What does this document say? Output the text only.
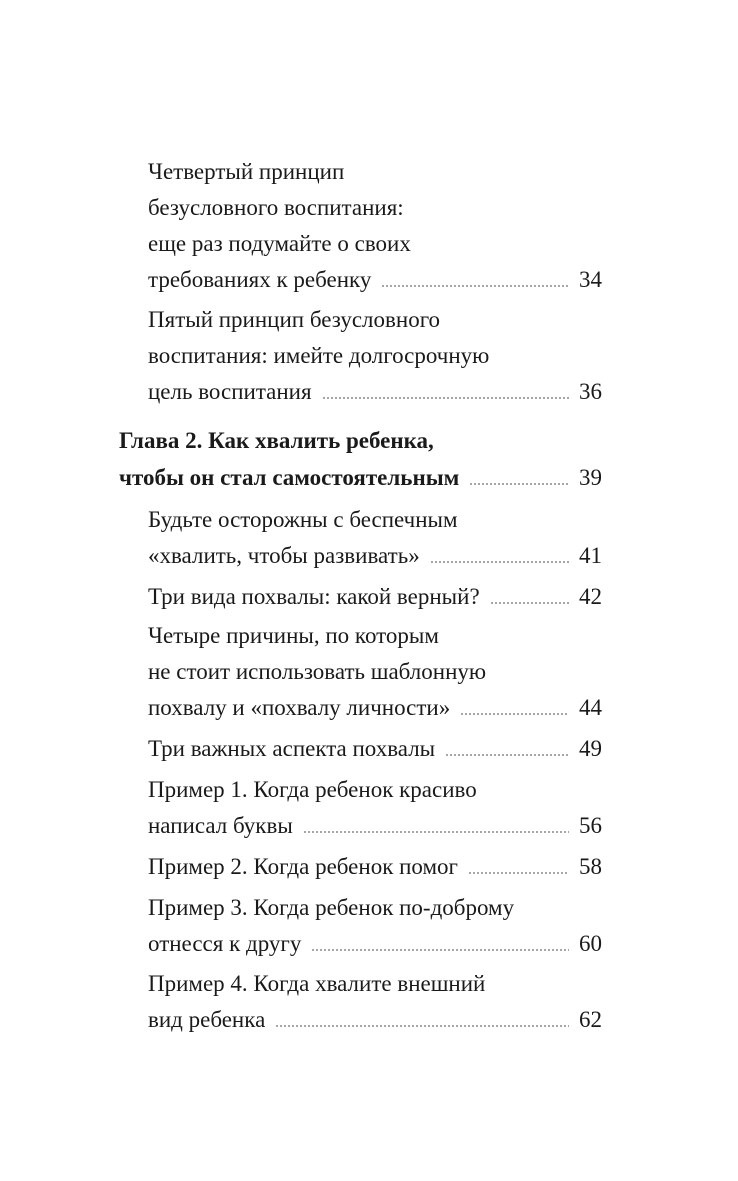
Четвертый принцип
безусловного воспитания:
еще раз подумайте о своих
требованиях к ребенку	34
Пятый принцип безусловного
воспитания: имейте долгосрочную
цель воспитания	36
Глава 2. Как хвалить ребенка,
чтобы он стал самостоятельным	39
Будьте осторожны с беспечным
«хвалить, чтобы развивать»	41
Три вида похвалы: какой верный?	42
Четыре причины, по которым
не стоит использовать шаблонную
похвалу и «похвалу личности»	44
Три важных аспекта похвалы	49
Пример 1. Когда ребенок красиво
написал буквы	56
Пример 2. Когда ребенок помог	58
Пример 3. Когда ребенок по-доброму
отнесся к другу	60
Пример 4. Когда хвалите внешний
вид ребенка	62
